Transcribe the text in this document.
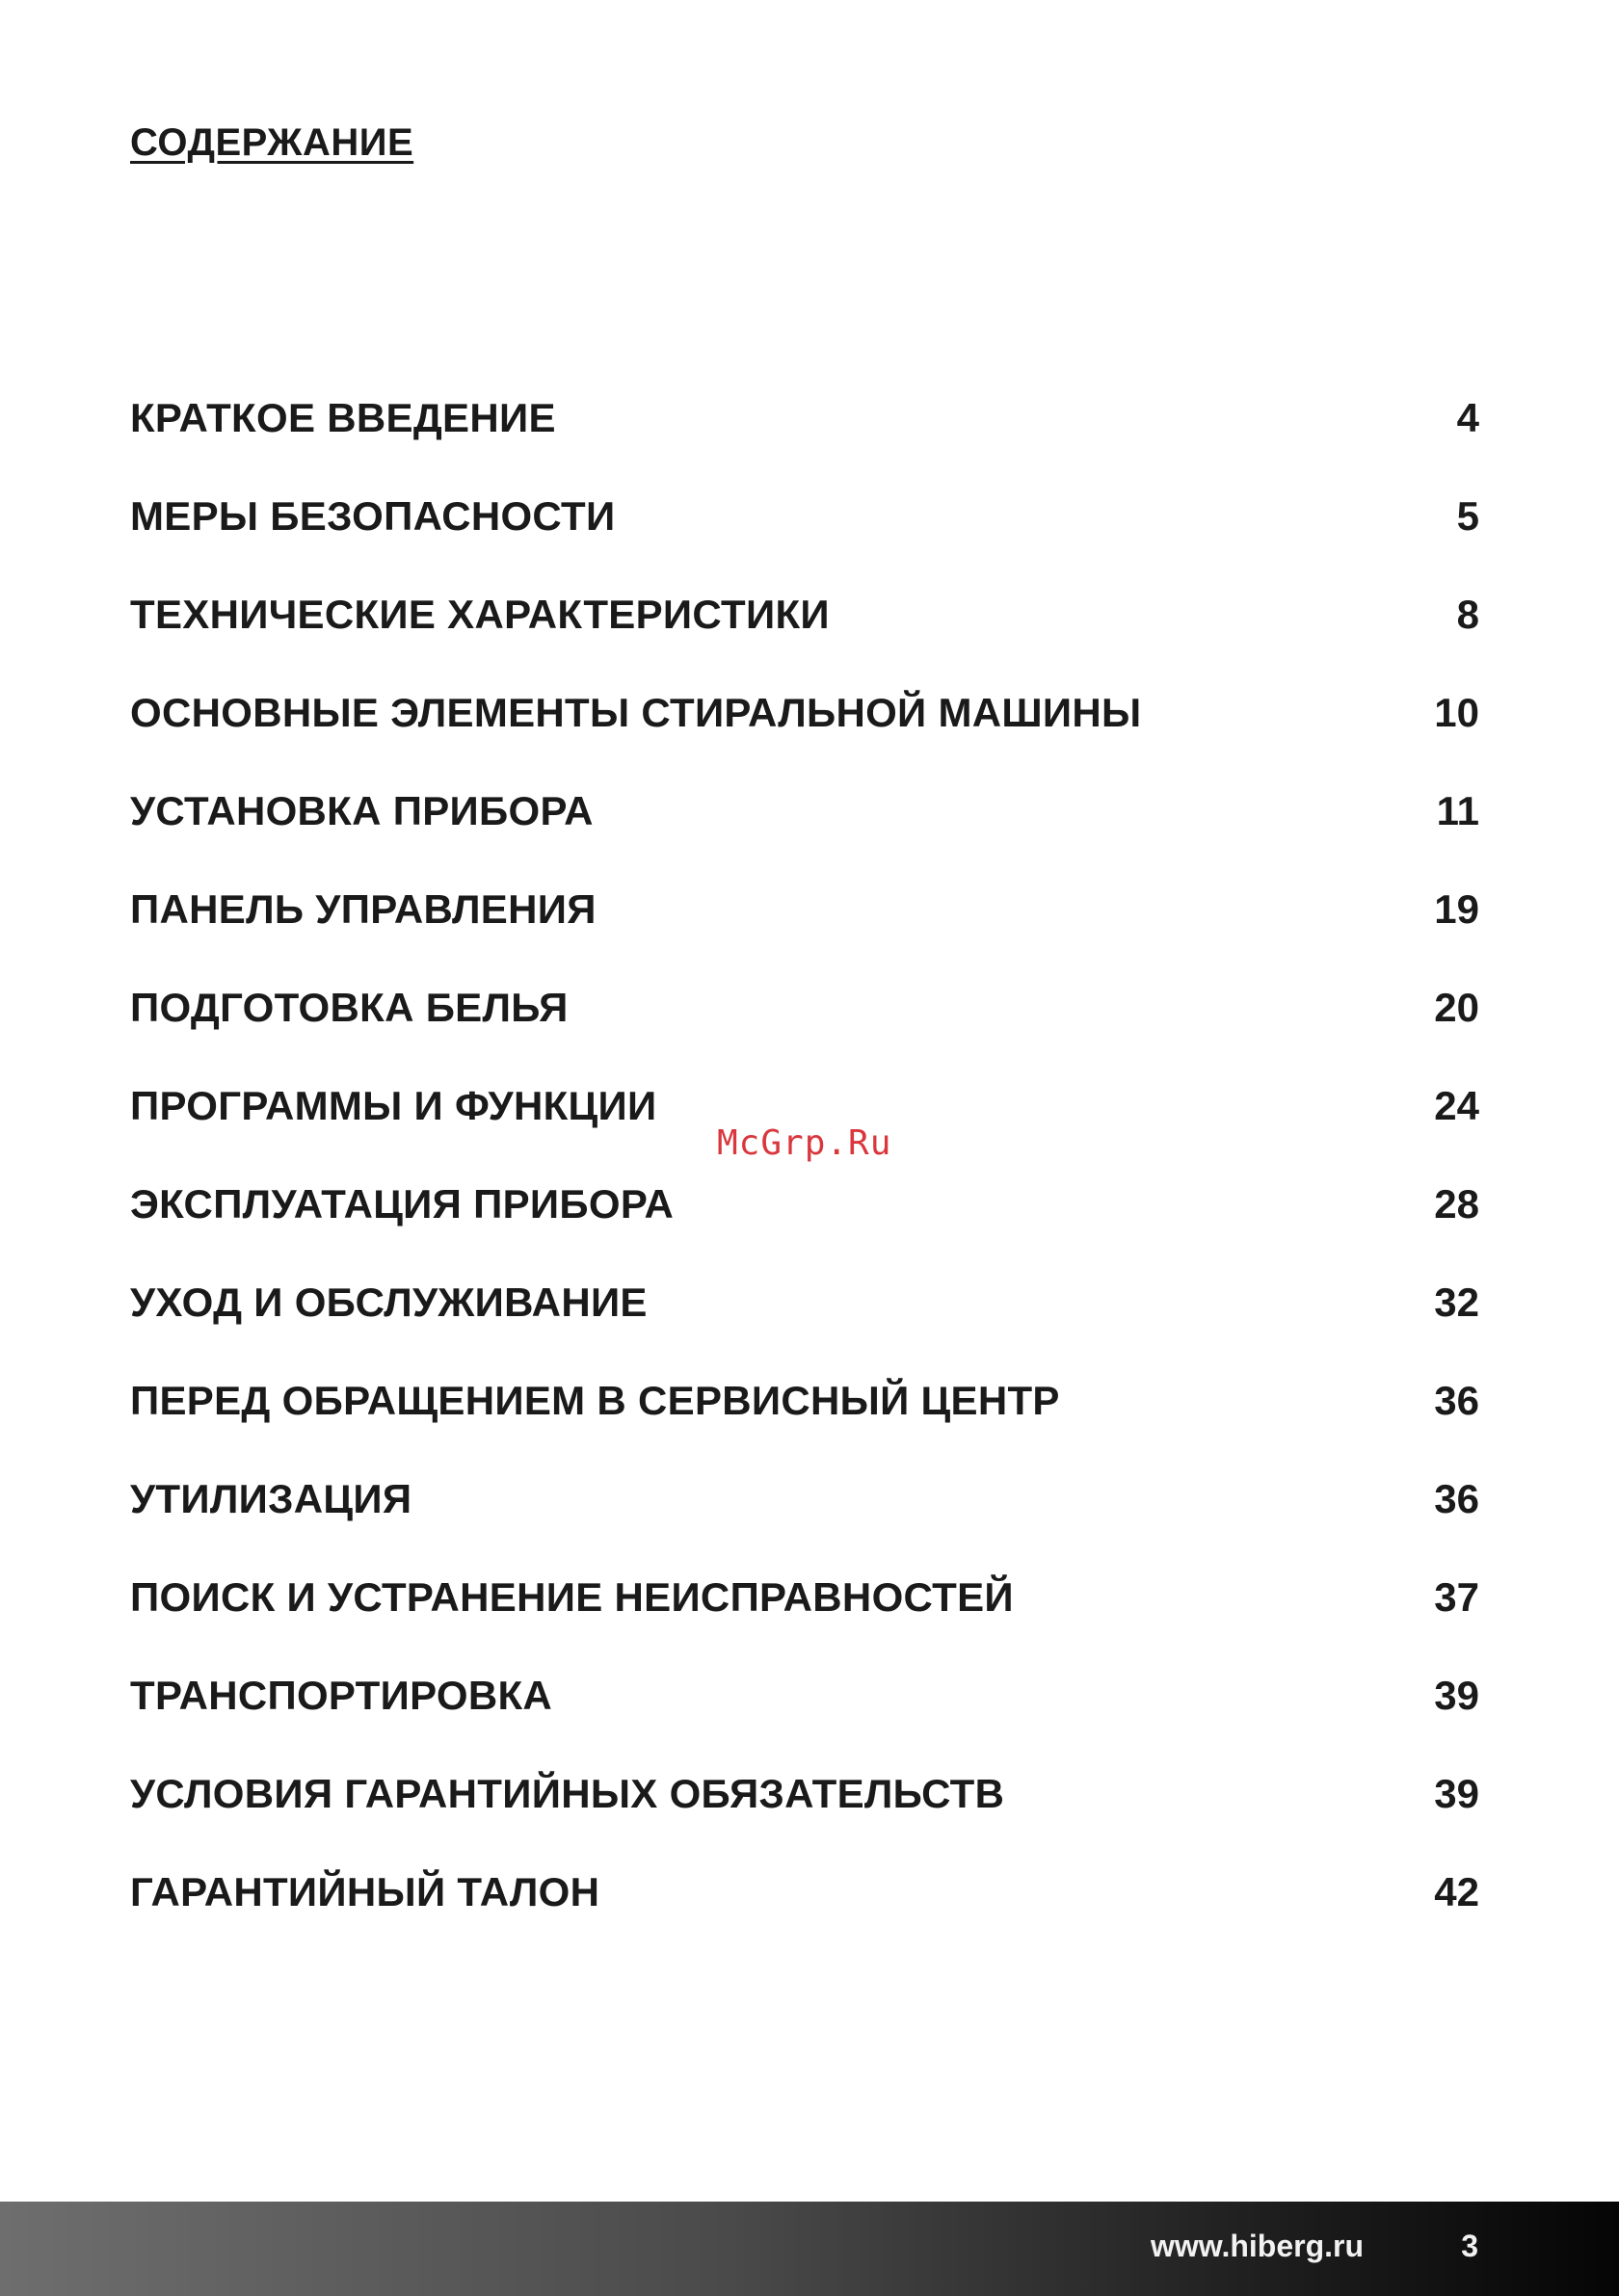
СОДЕРЖАНИЕ
КРАТКОЕ ВВЕДЕНИЕ	4
МЕРЫ БЕЗОПАСНОСТИ	5
ТЕХНИЧЕСКИЕ ХАРАКТЕРИСТИКИ	8
ОСНОВНЫЕ ЭЛЕМЕНТЫ СТИРАЛЬНОЙ МАШИНЫ	10
УСТАНОВКА ПРИБОРА	11
ПАНЕЛЬ УПРАВЛЕНИЯ	19
ПОДГОТОВКА БЕЛЬЯ	20
ПРОГРАММЫ И ФУНКЦИИ	24
ЭКСПЛУАТАЦИЯ ПРИБОРА	28
УХОД И ОБСЛУЖИВАНИЕ	32
ПЕРЕД ОБРАЩЕНИЕМ В СЕРВИСНЫЙ ЦЕНТР	36
УТИЛИЗАЦИЯ	36
ПОИСК И УСТРАНЕНИЕ НЕИСПРАВНОСТЕЙ	37
ТРАНСПОРТИРОВКА	39
УСЛОВИЯ ГАРАНТИЙНЫХ ОБЯЗАТЕЛЬСТВ	39
ГАРАНТИЙНЫЙ ТАЛОН	42
McGrp.Ru
www.hiberg.ru	3
